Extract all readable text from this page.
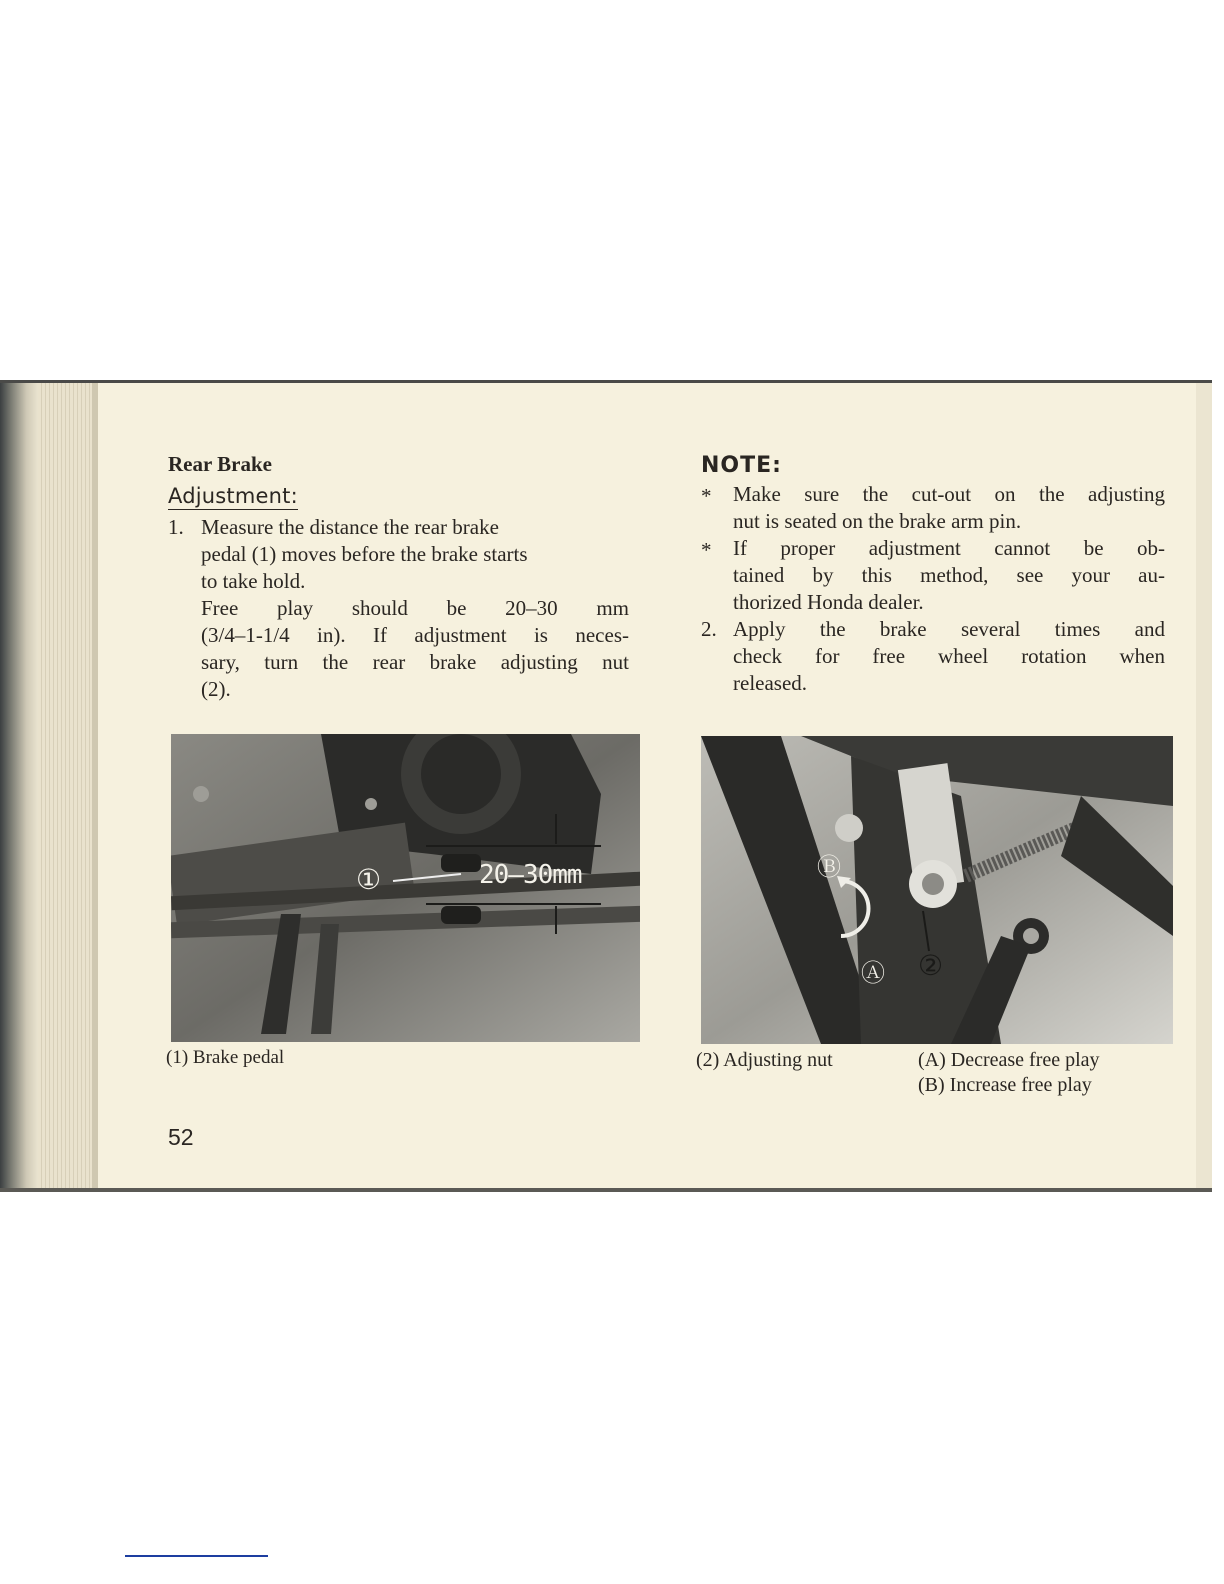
Rear Brake
Adjustment:
1. Measure the distance the rear brake

pedal (1) moves before the brake starts

to take hold.

Free play should be 20–30 mm

(3/4–1-1/4 in). If adjustment is neces-

sary, turn the rear brake adjusting nut

(2).

①	20–30mm
(1) Brake pedal
NOTE:
* Make sure the cut-out on the adjusting

nut is seated on the brake arm pin.

* If proper adjustment cannot be ob-

tained by this method, see your au-

thorized Honda dealer.

2. Apply the brake several times and

check for free wheel rotation when

released.

Ⓑ
Ⓐ ②
(2) Adjusting nut	(A) Decrease free play
(B) Increase free play
52
